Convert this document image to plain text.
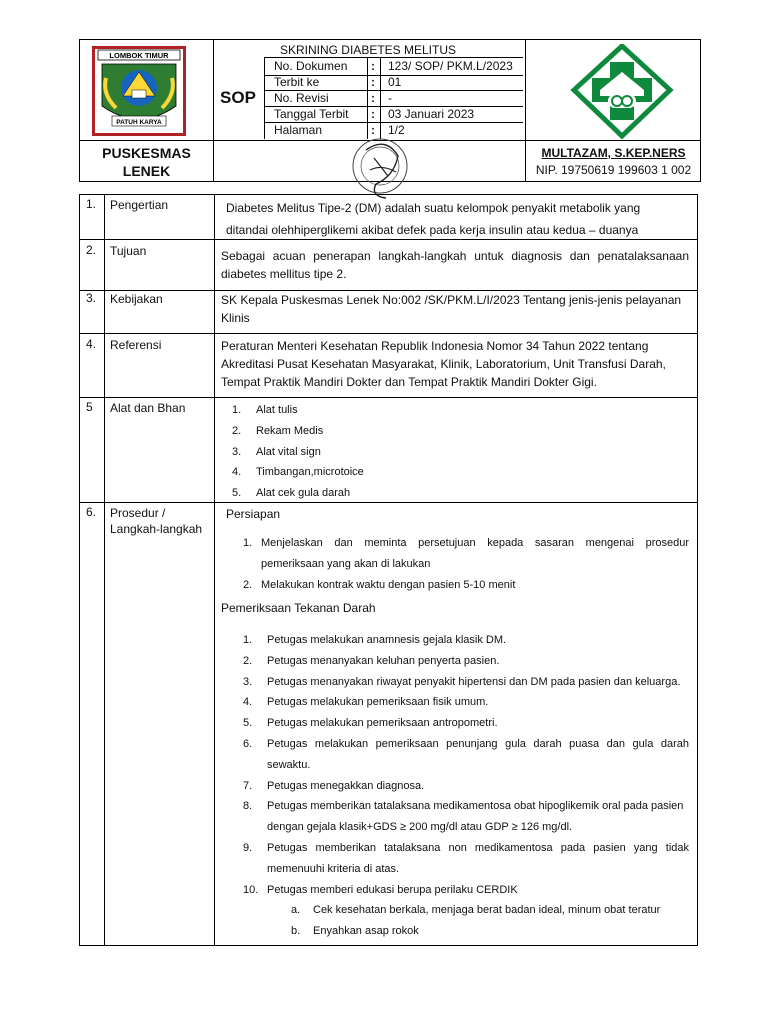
LOMBOK TIMUR
PATUH KARYA
SKRINING DIABETES MELITUS
SOP
No. Dokumen : 123/ SOP/ PKM.L/2023
Terbit ke	: 01
No. Revisi	: -
Tanggal Terbit : 03 Januari 2023
Halaman	: 1/2
PUSKESMAS
LENEK
MULTAZAM, S.KEP.NERS
NIP. 19750619 199603 1 002
1. Pengertian	Diabetes Melitus Tipe-2 (DM) adalah suatu kelompok penyakit metabolik yang
ditandai olehhiperglikemi akibat defek pada kerja insulin atau kedua – duanya
2. Tujuan	Sebagai acuan penerapan langkah-langkah untuk diagnosis dan penatalaksanaan diabetes mellitus tipe 2.
3. Kebijakan	SK Kepala Puskesmas Lenek No:002 /SK/PKM.L/I/2023 Tentang jenis-jenis pelayanan Klinis
4. Referensi	Peraturan Menteri Kesehatan Republik Indonesia Nomor 34 Tahun 2022 tentang Akreditasi Pusat Kesehatan Masyarakat, Klinik, Laboratorium, Unit Transfusi Darah, Tempat Praktik Mandiri Dokter dan Tempat Praktik Mandiri Dokter Gigi.
5 Alat dan Bhan	1. Alat tulis
2. Rekam Medis
3. Alat vital sign
4. Timbangan,microtoice
5. Alat cek gula darah
6. Prosedur /
Langkah-langkah
Persiapan
1. Menjelaskan dan meminta persetujuan kepada sasaran mengenai prosedur pemeriksaan yang akan di lakukan
2. Melakukan kontrak waktu dengan pasien 5-10 menit
Pemeriksaan Tekanan Darah
1. Petugas melakukan anamnesis gejala klasik DM.
2. Petugas menanyakan keluhan penyerta pasien.
3. Petugas menanyakan riwayat penyakit hipertensi dan DM pada pasien dan keluarga.
4. Petugas melakukan pemeriksaan fisik umum.
5. Petugas melakukan pemeriksaan antropometri.
6. Petugas melakukan pemeriksaan penunjang gula darah puasa dan gula darah sewaktu.
7. Petugas menegakkan diagnosa.
8. Petugas memberikan tatalaksana medikamentosa obat hipoglikemik oral pada pasien dengan gejala klasik+GDS ≥ 200 mg/dl atau GDP ≥ 126 mg/dl.
9. Petugas memberikan tatalaksana non medikamentosa pada pasien yang tidak memenuuhi kriteria di atas.
10. Petugas memberi edukasi berupa perilaku CERDIK
a. Cek kesehatan berkala, menjaga berat badan ideal, minum obat teratur
b. Enyahkan asap rokok
